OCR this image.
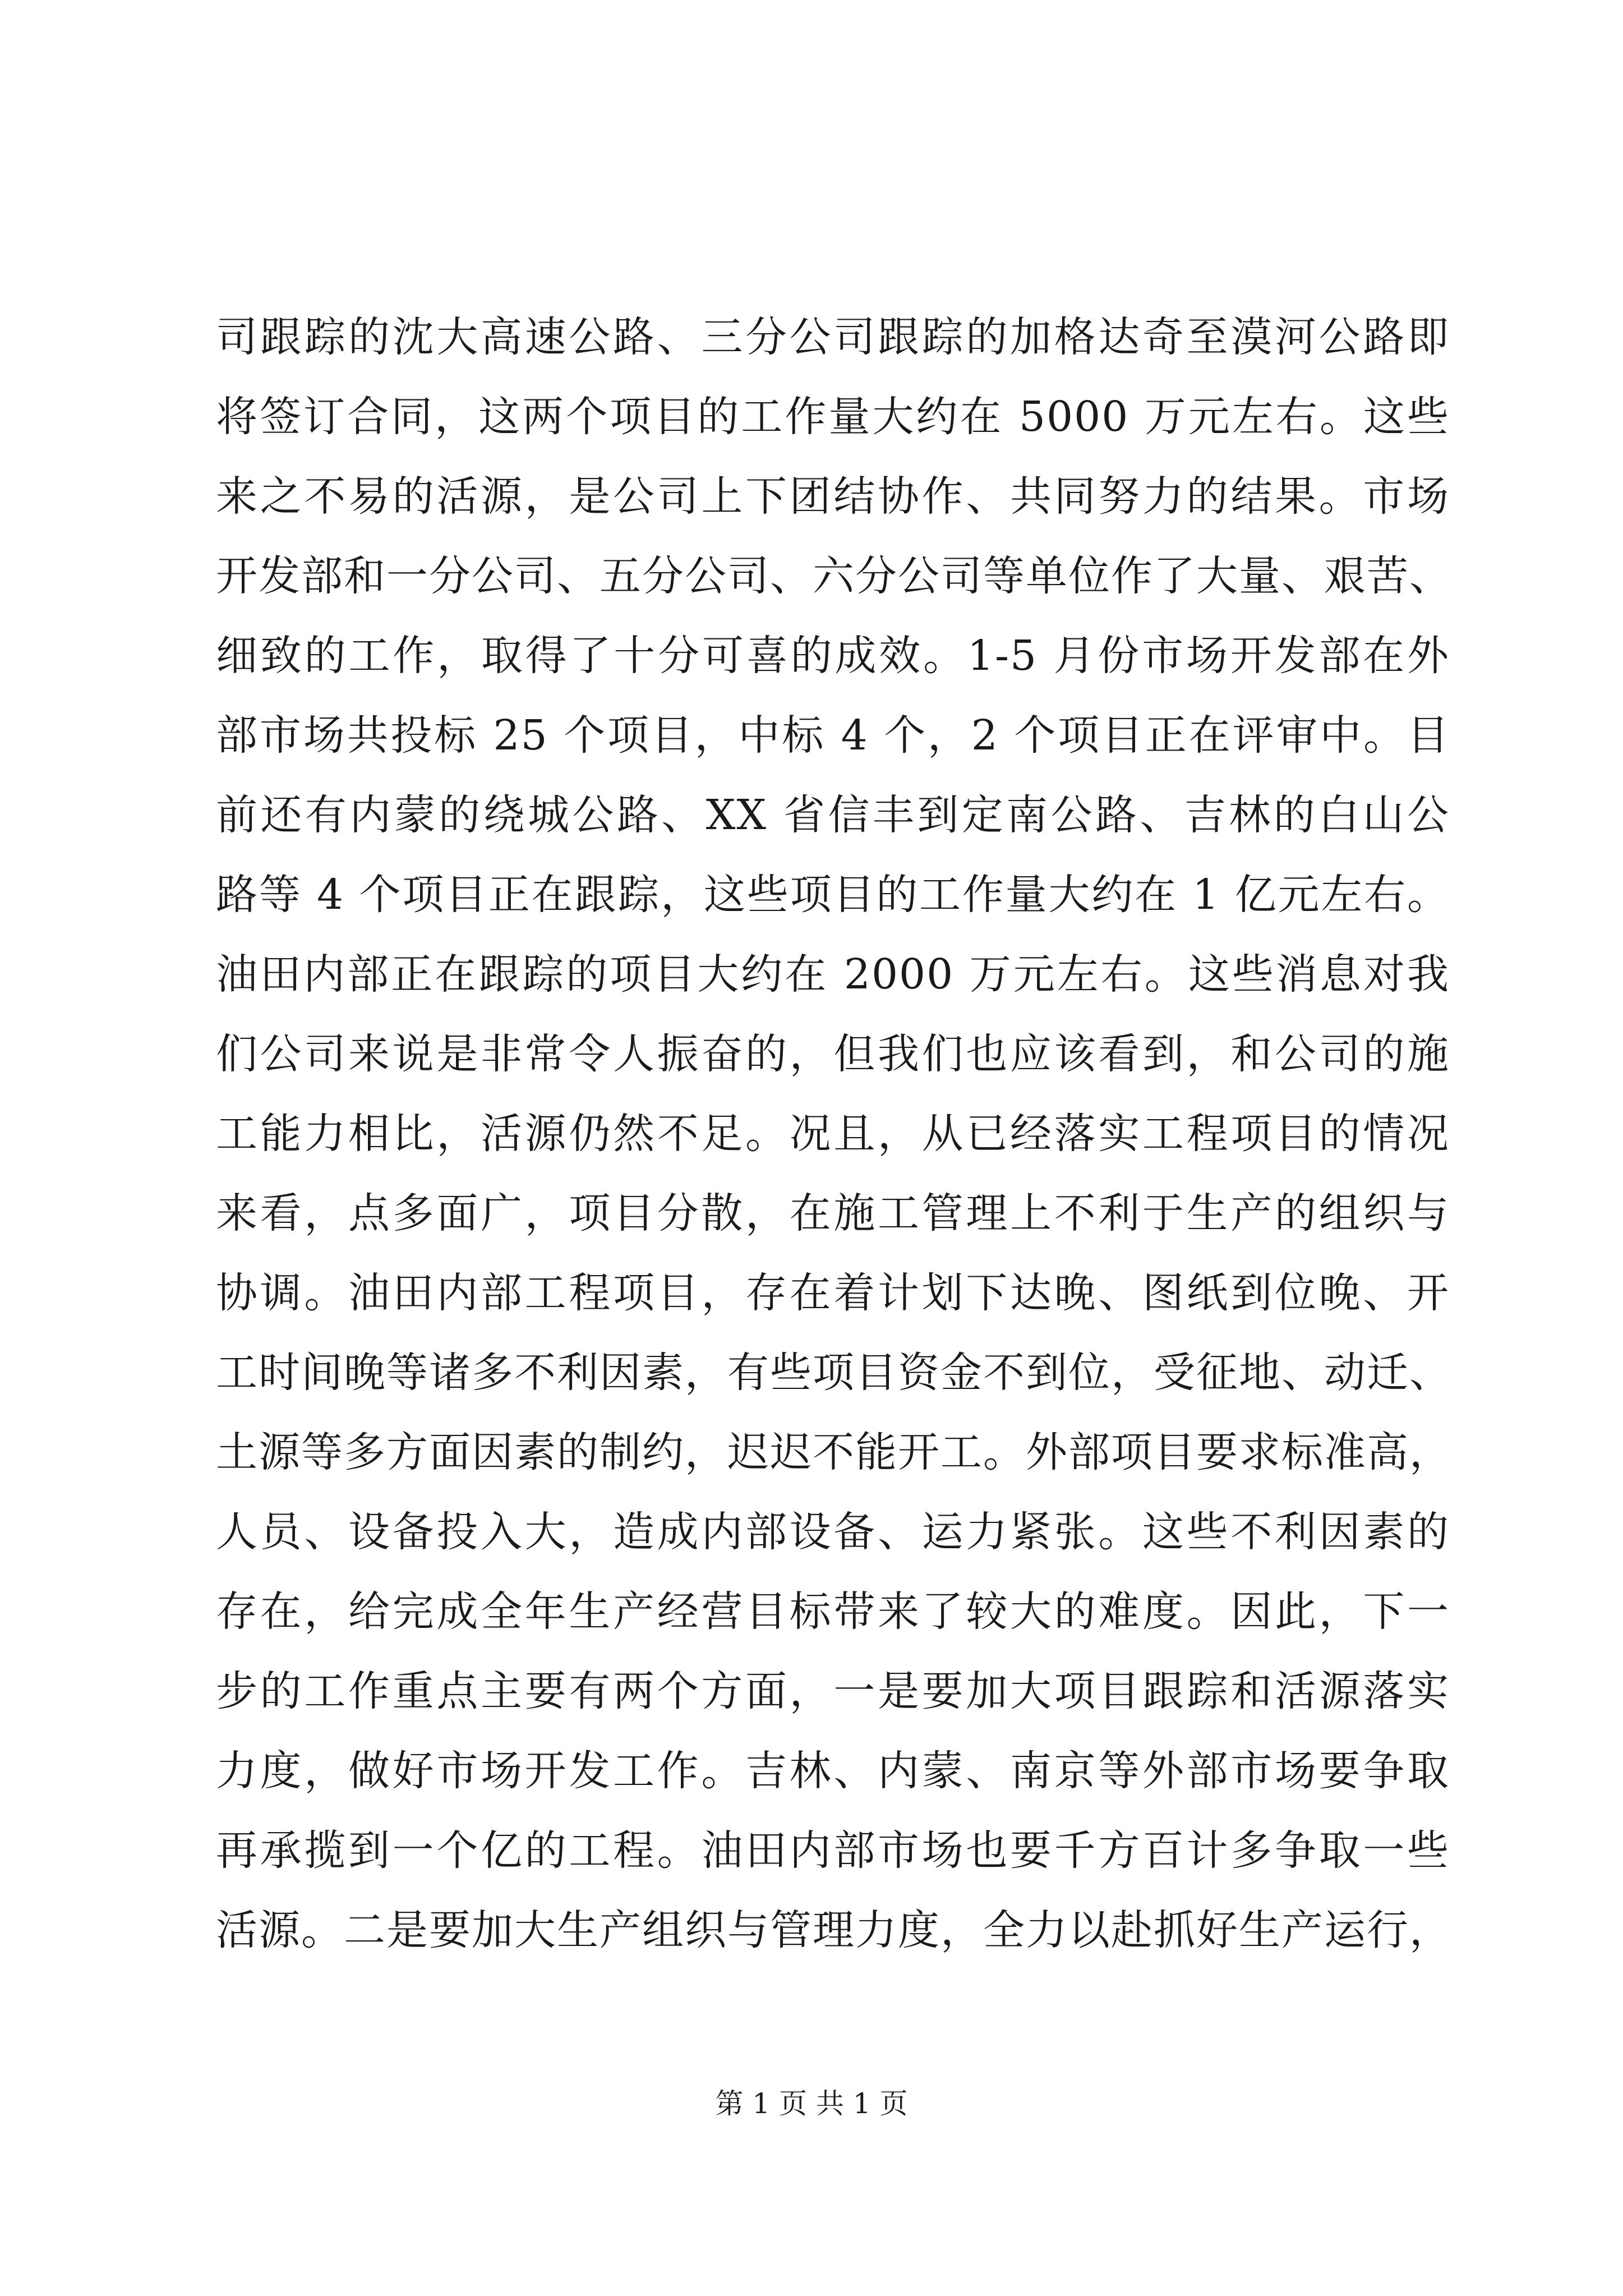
司跟踪的沈大高速公路、三分公司跟踪的加格达奇至漠河公路即
将签订合同，这两个项目的工作量大约在 5000 万元左右。这些
来之不易的活源，是公司上下团结协作、共同努力的结果。市场
开发部和一分公司、五分公司、六分公司等单位作了大量、艰苦、
细致的工作，取得了十分可喜的成效。1-5 月份市场开发部在外
部市场共投标 25 个项目，中标 4 个，2 个项目正在评审中。目
前还有内蒙的绕城公路、XX 省信丰到定南公路、吉林的白山公
路等 4 个项目正在跟踪，这些项目的工作量大约在 1 亿元左右。
油田内部正在跟踪的项目大约在 2000 万元左右。这些消息对我
们公司来说是非常令人振奋的，但我们也应该看到，和公司的施
工能力相比，活源仍然不足。况且，从已经落实工程项目的情况
来看，点多面广，项目分散，在施工管理上不利于生产的组织与
协调。油田内部工程项目，存在着计划下达晚、图纸到位晚、开
工时间晚等诸多不利因素，有些项目资金不到位，受征地、动迁、
土源等多方面因素的制约，迟迟不能开工。外部项目要求标准高，
人员、设备投入大，造成内部设备、运力紧张。这些不利因素的
存在，给完成全年生产经营目标带来了较大的难度。因此，下一
步的工作重点主要有两个方面，一是要加大项目跟踪和活源落实
力度，做好市场开发工作。吉林、内蒙、南京等外部市场要争取
再承揽到一个亿的工程。油田内部市场也要千方百计多争取一些
活源。二是要加大生产组织与管理力度，全力以赴抓好生产运行，
第 1 页 共 1 页
